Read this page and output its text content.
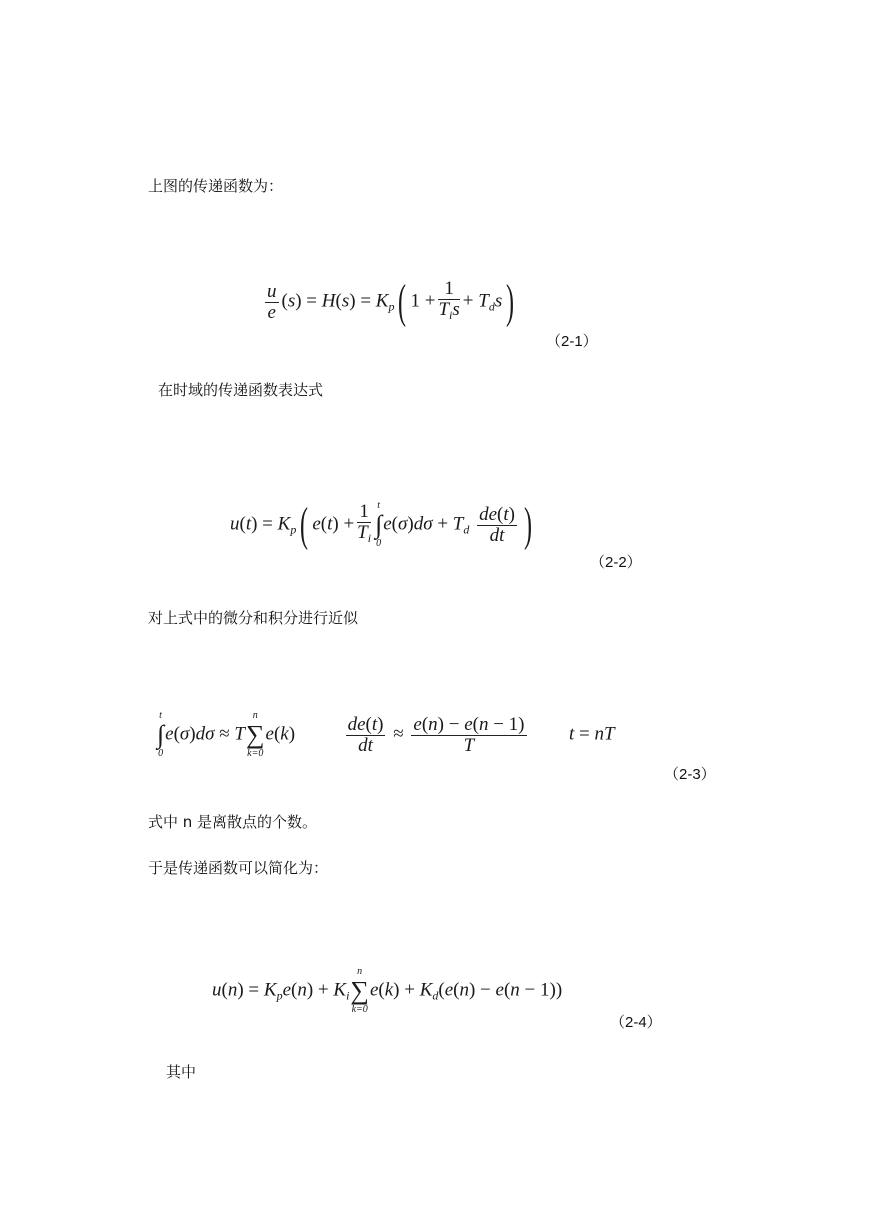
上图的传递函数为：
$\frac{u}{e} (s) = H(s) = K_p$( $1 + \frac{1}{T_is} + T_ds$)
（2-1）
在时域的传递函数表达式
$u(t) = K_p$( $e(t) + \frac{1}{T_i}$ t
∫
0
$e(\sigma)d\sigma + T_d \frac{de(t)}{dt}$ )
（2-2）
对上式中的微分和积分进行近似
t
∫
0
e(σ)dσ ≈ T
n
∑
k=0
$e(k) \frac{de(t)}{dt} \approx \frac{e(n) - e(n - 1)}{T}$ t = nT
（2-3）
式中 n 是离散点的个数。
于是传递函数可以简化为：
$u(n) = K_pe(n) + K_i$
n
∑
k=0
$e(k) + K_d(e(n) - e(n - 1))$
（2-4）
其中
